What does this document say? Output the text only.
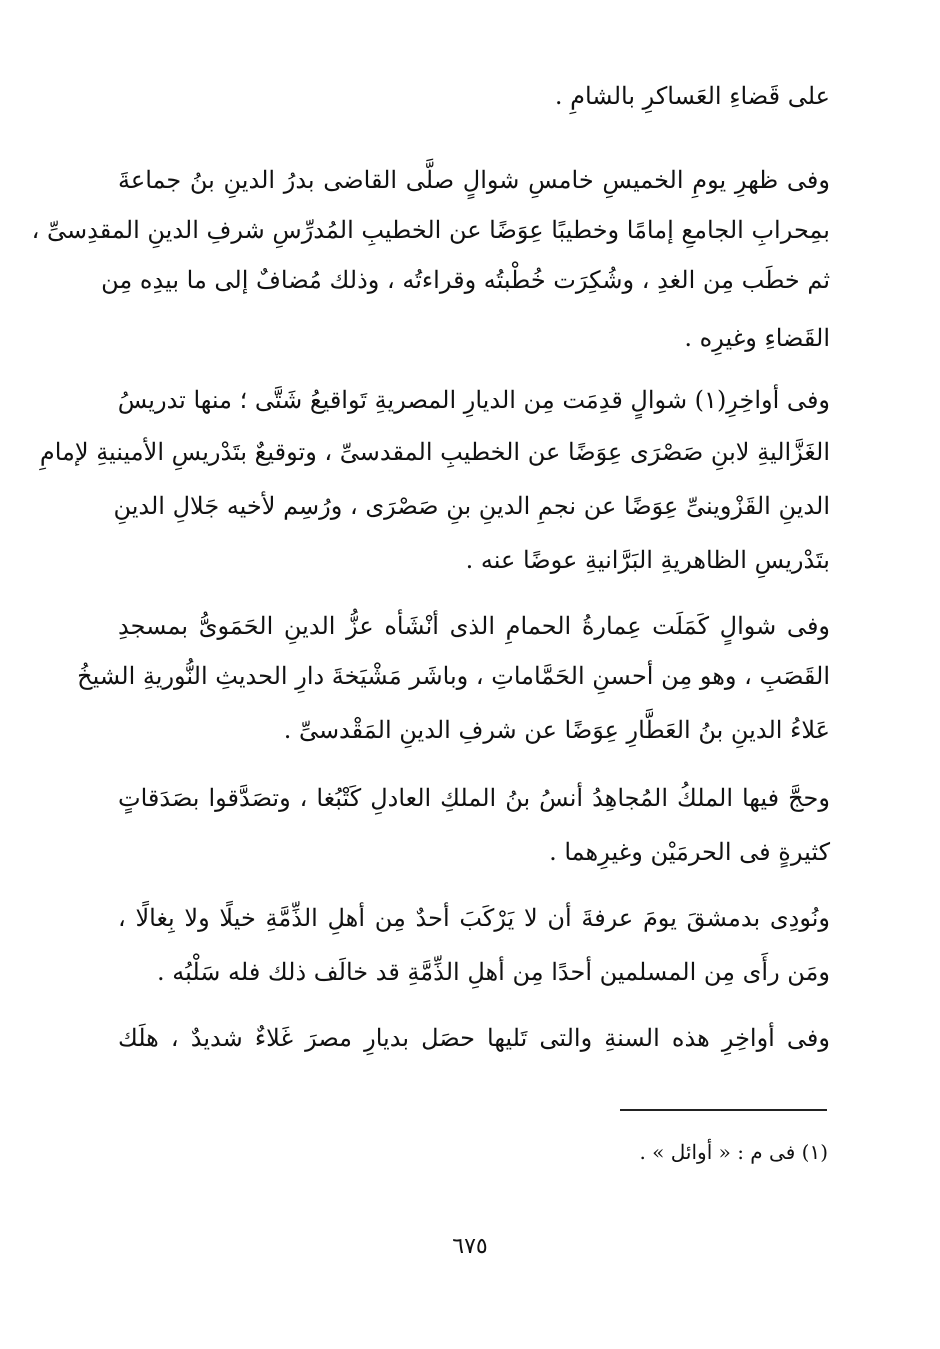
على قَضاءِ العَساكرِ بالشامِ .
وفى ظهرِ يومِ الخميسِ خامسِ شوالٍ صلَّى القاضى بدرُ الدينِ بنُ جماعةَ
بمِحرابِ الجامعِ إمامًا وخطيبًا عِوَضًا عن الخطيبِ المُدرِّسِ شرفِ الدينِ المقدِسىِّ ،
ثم خطَب مِن الغدِ ، وشُكِرَت خُطْبتُه وقراءتُه ، وذلك مُضافٌ إلى ما بيدِه مِن
القَضاءِ وغيرِه .
وفى أواخِرِ(١) شوالٍ قدِمَت مِن الديارِ المصريةِ تَواقيعُ شَتَّى ؛ منها تدريسُ
الغَزَّاليةِ لابنِ صَصْرَى عِوَضًا عن الخطيبِ المقدسىِّ ، وتوقيعٌ بتَدْريسِ الأمينيةِ لإمامِ
الدينِ القَزْوينىِّ عِوَضًا عن نجمِ الدينِ بنِ صَصْرَى ، ورُسِم لأخيه جَلالِ الدينِ
بتَدْريسِ الظاهريةِ البَرَّانيةِ عوضًا عنه .
وفى شوالٍ كَمَلَت عِمارةُ الحمامِ الذى أنْشَأه عزُّ الدينِ الحَمَوىُّ بمسجدِ
القَصَبِ ، وهو مِن أحسنِ الحَمَّاماتِ ، وباشَر مَشْيَخةَ دارِ الحديثِ النُّوريةِ الشيخُ
عَلاءُ الدينِ بنُ العَطَّارِ عِوَضًا عن شرفِ الدينِ المَقْدسىِّ .
وحجَّ فيها الملكُ المُجاهِدُ أنسُ بنُ الملكِ العادلِ كَتْبُغا ، وتصَدَّقوا بصَدَقاتٍ
كثيرةٍ فى الحرمَيْن وغيرِهما .
ونُودِى بدمشقَ يومَ عرفةَ أن لا يَرْكَبَ أحدٌ مِن أهلِ الذِّمَّةِ خيلًا ولا بِغالًا ،
ومَن رأَى مِن المسلمين أحدًا مِن أهلِ الذِّمَّةِ قد خالَف ذلك فله سَلْبُه .
وفى أواخِرِ هذه السنةِ والتى تَليها حصَل بديارِ مصرَ غَلاءٌ شديدٌ ، هلَك
(١) فى م : « أوائل » .
٦٧٥
